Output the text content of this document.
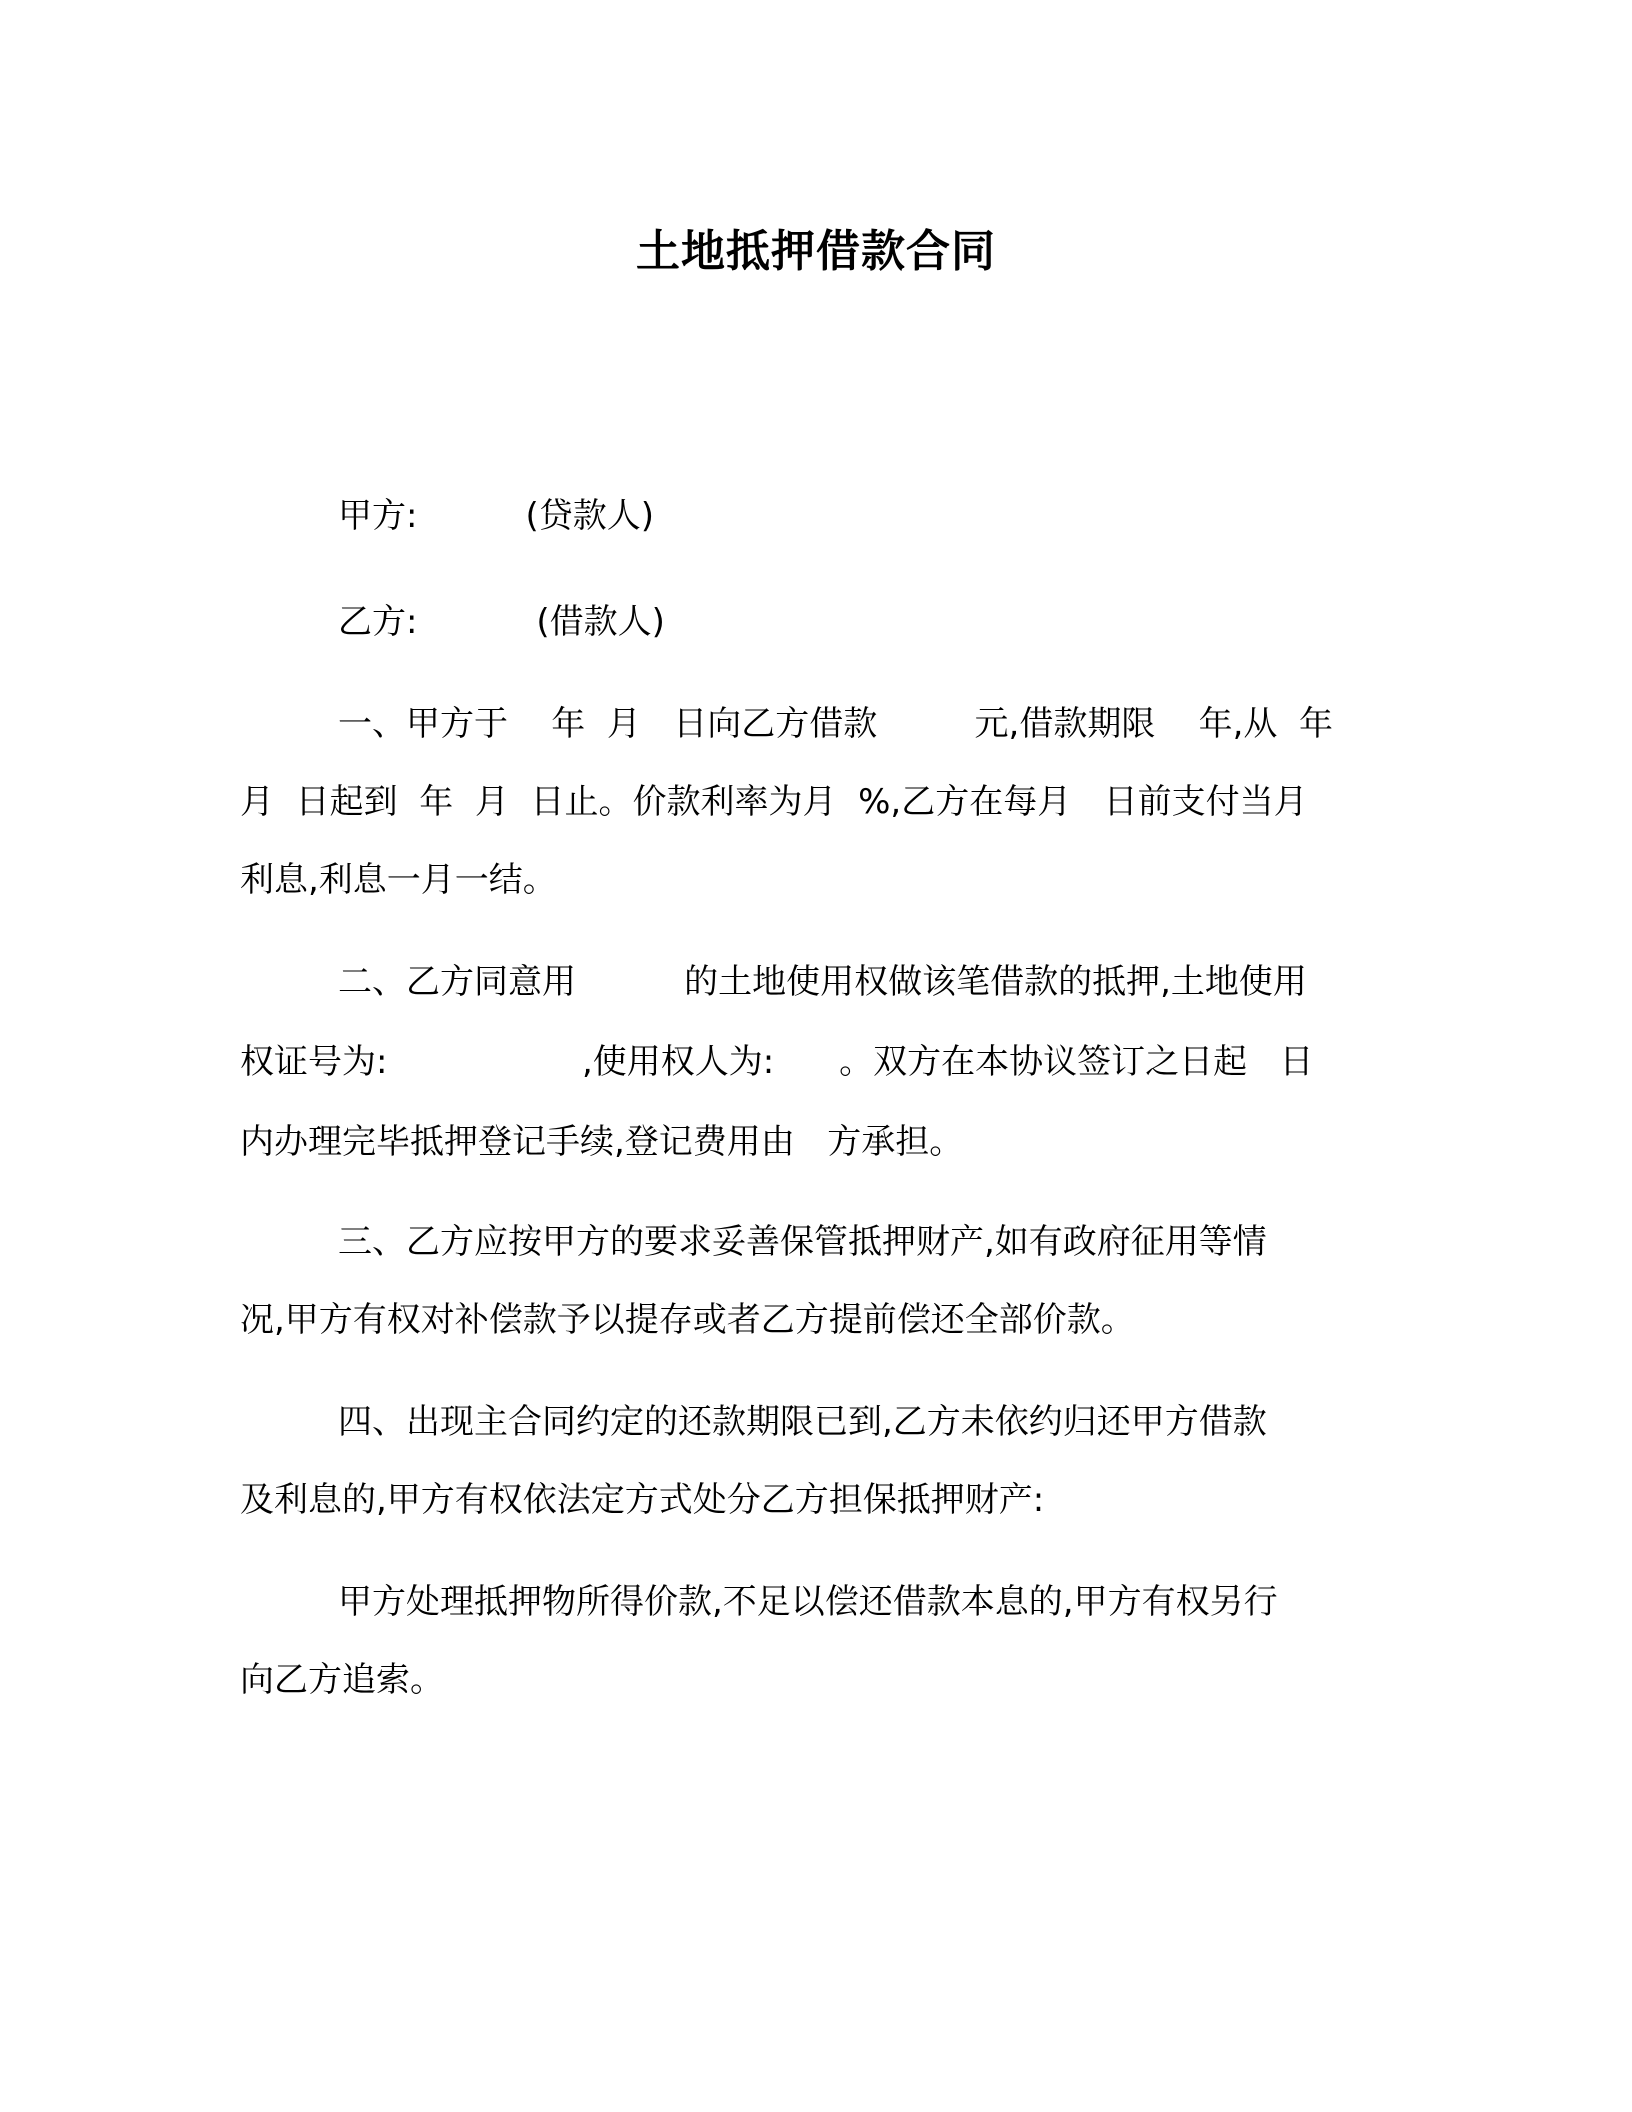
土地抵押借款合同
甲方:          (贷款人)
乙方:           (借款人)
一、甲方于    年  月   日向乙方借款         元,借款期限    年,从  年
月  日起到  年  月  日止。价款利率为月  %,乙方在每月   日前支付当月
利息,利息一月一结。
二、乙方同意用          的土地使用权做该笔借款的抵押,土地使用
权证号为:                  ,使用权人为:      。双方在本协议签订之日起   日
内办理完毕抵押登记手续,登记费用由   方承担。
三、乙方应按甲方的要求妥善保管抵押财产,如有政府征用等情
况,甲方有权对补偿款予以提存或者乙方提前偿还全部价款。
四、出现主合同约定的还款期限已到,乙方未依约归还甲方借款
及利息的,甲方有权依法定方式处分乙方担保抵押财产:
甲方处理抵押物所得价款,不足以偿还借款本息的,甲方有权另行
向乙方追索。
